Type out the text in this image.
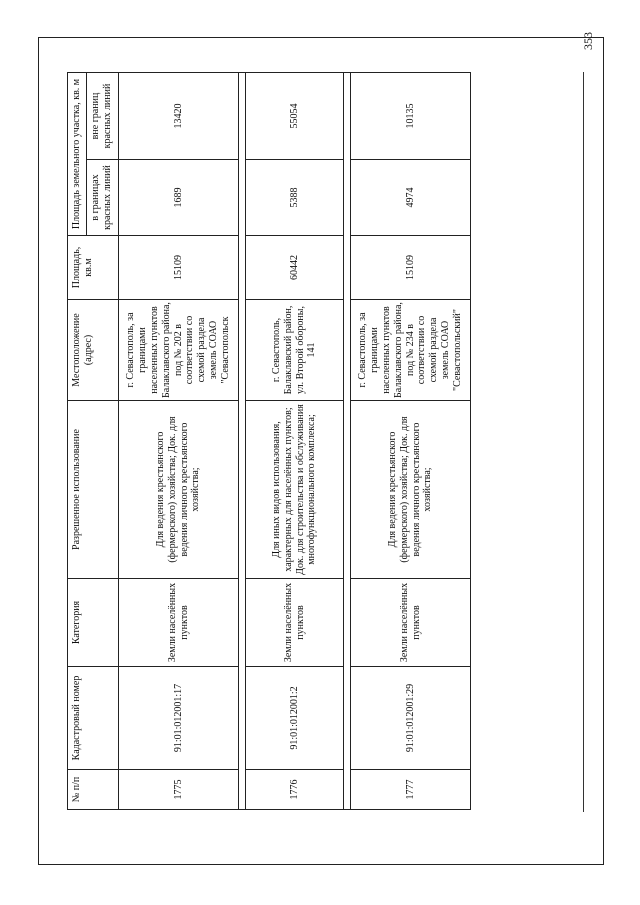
353
№ п/п	Кадастровый номер	Категория	Разрешенное использование	Местоположение (адрес)	Площадь, кв.м	Площадь земельного участка, кв. м	
						в границах красных линий	вне границ красных линий
1775	91:01:012001:17	Земли населённых пунктов	Для ведения крестьянского (фермерского) хозяйства; Док. для ведения личного крестьянского хозяйства;	г. Севастополь, за границами населенных пунктов Балаклавского района, под № 202 в соответствии со схемой раздела земель СОАО "Севастопольск	15109	1689	13420

1776	91:01:012001:2	Земли населённых пунктов	Для иных видов использования, характерных для населённых пунктов; Док. для строительства и обслуживания многофункционального комплекса;	г. Севастополь, Балаклавский район, ул. Второй обороны, 141	60442	5388	55054

1777	91:01:012001:29	Земли населённых пунктов	Для ведения крестьянского (фермерского) хозяйства; Док. для ведения личного крестьянского хозяйства;	г. Севастополь, за границами населенных пунктов Балаклавского района, под № 234 в соответствии со схемой раздела земель СОАО "Севастопольский"	15109	4974	10135
